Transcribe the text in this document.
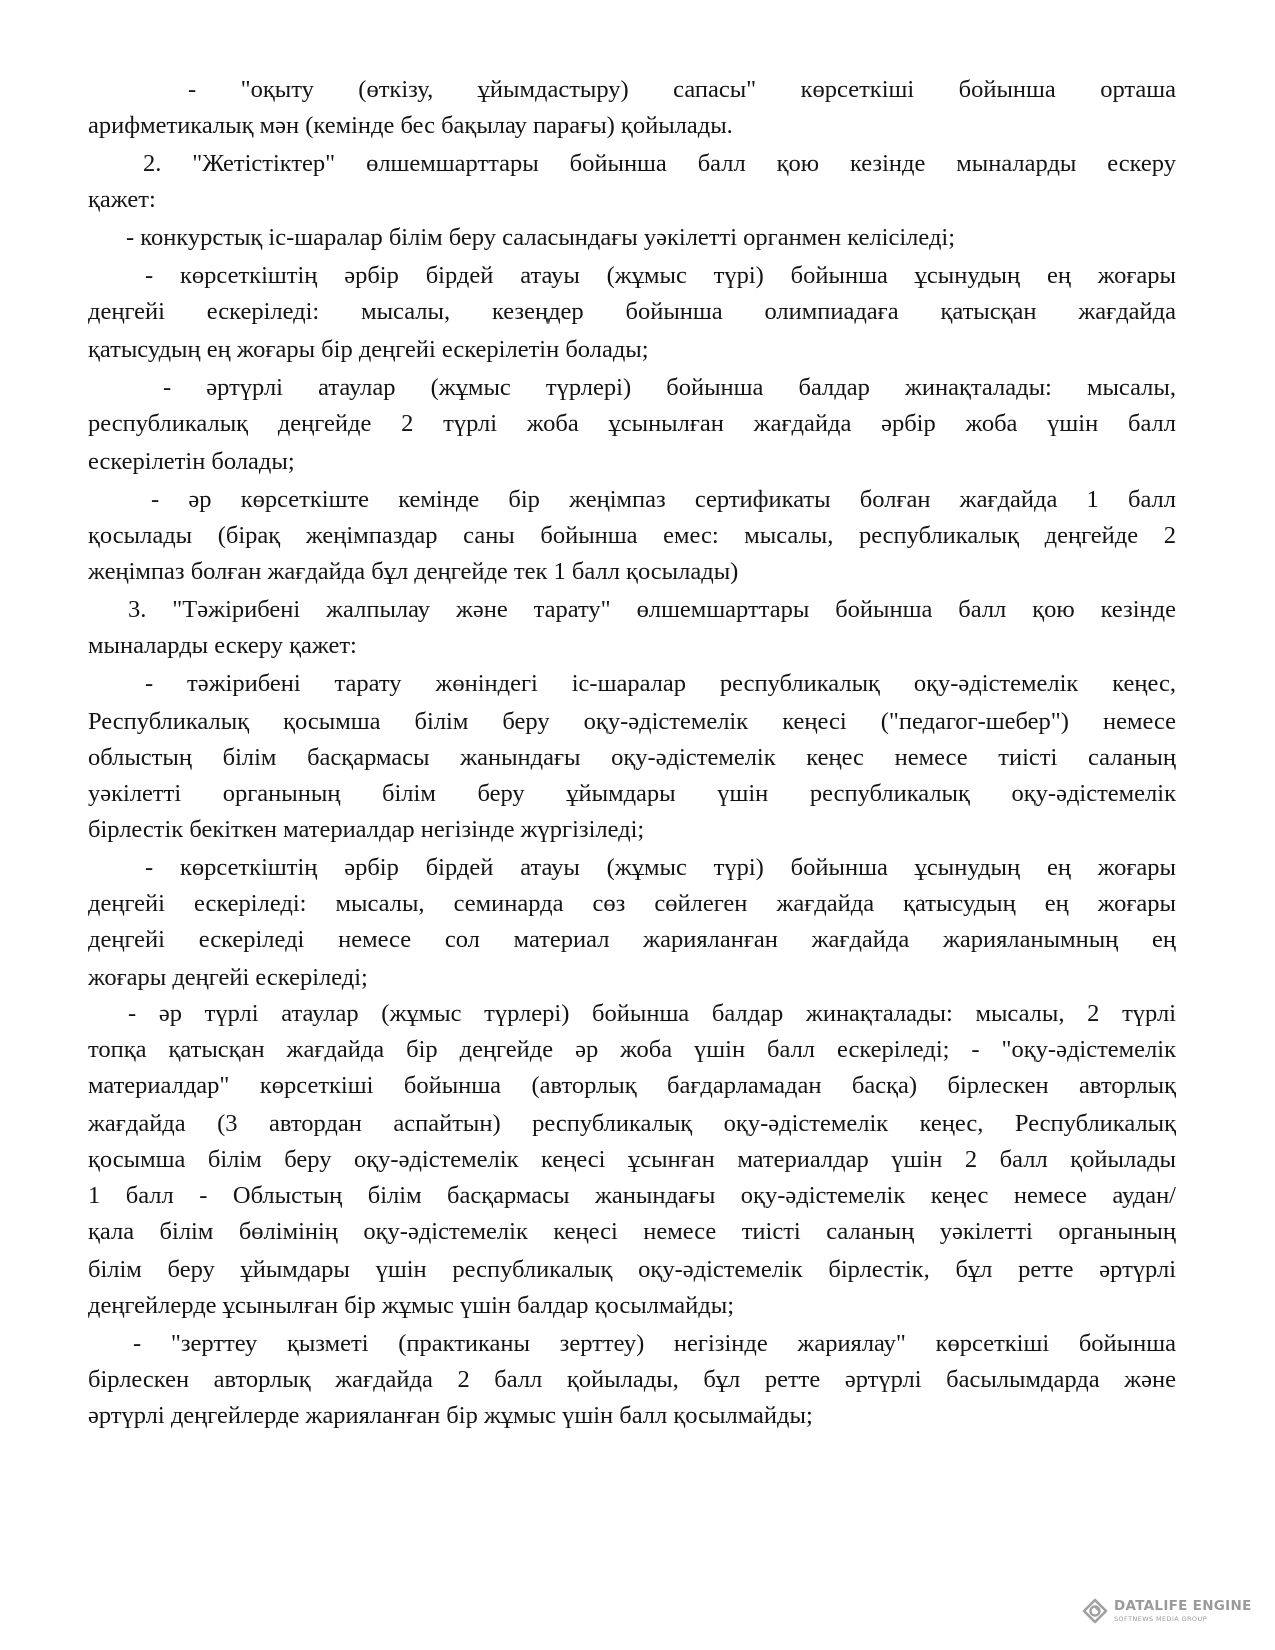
- "оқыту (өткізу, ұйымдастыру) сапасы" көрсеткіші бойынша орташа
арифметикалық мән (кемінде бес бақылау парағы) қойылады.
2. "Жетістіктер" өлшемшарттары бойынша балл қою кезінде мыналарды ескеру
қажет:
- конкурстық іс-шаралар білім беру саласындағы уәкілетті органмен келісіледі;
- көрсеткіштің әрбір бірдей атауы (жұмыс түрі) бойынша ұсынудың ең жоғары
деңгейі ескеріледі: мысалы, кезеңдер бойынша олимпиадаға қатысқан жағдайда
қатысудың ең жоғары бір деңгейі ескерілетін болады;
- әртүрлі атаулар (жұмыс түрлері) бойынша балдар жинақталады: мысалы,
республикалық деңгейде 2 түрлі жоба ұсынылған жағдайда әрбір жоба үшін балл
ескерілетін болады;
- әр көрсеткіште кемінде бір жеңімпаз сертификаты болған жағдайда 1 балл
қосылады (бірақ жеңімпаздар саны бойынша емес: мысалы, республикалық деңгейде 2
жеңімпаз болған жағдайда бұл деңгейде тек 1 балл қосылады)
3. "Тәжірибені жалпылау және тарату" өлшемшарттары бойынша балл қою кезінде
мыналарды ескеру қажет:
- тәжірибені тарату жөніндегі іс-шаралар республикалық оқу-әдістемелік кеңес,
Республикалық қосымша білім беру оқу-әдістемелік кеңесі ("педагог-шебер") немесе
облыстың білім басқармасы жанындағы оқу-әдістемелік кеңес немесе тиісті саланың
уәкілетті органының білім беру ұйымдары үшін республикалық оқу-әдістемелік
бірлестік бекіткен материалдар негізінде жүргізіледі;
- көрсеткіштің әрбір бірдей атауы (жұмыс түрі) бойынша ұсынудың ең жоғары
деңгейі ескеріледі: мысалы, семинарда сөз сөйлеген жағдайда қатысудың ең жоғары
деңгейі ескеріледі немесе сол материал жарияланған жағдайда жарияланымның ең
жоғары деңгейі ескеріледі;
- әр түрлі атаулар (жұмыс түрлері) бойынша балдар жинақталады: мысалы, 2 түрлі
топқа қатысқан жағдайда бір деңгейде әр жоба үшін балл ескеріледі; - "оқу-әдістемелік
материалдар" көрсеткіші бойынша (авторлық бағдарламадан басқа) бірлескен авторлық
жағдайда (3 автордан аспайтын) республикалық оқу-әдістемелік кеңес, Республикалық
қосымша білім беру оқу-әдістемелік кеңесі ұсынған материалдар үшін 2 балл қойылады
1 балл - Облыстың білім басқармасы жанындағы оқу-әдістемелік кеңес немесе аудан/
қала білім бөлімінің оқу-әдістемелік кеңесі немесе тиісті саланың уәкілетті органының
білім беру ұйымдары үшін республикалық оқу-әдістемелік бірлестік, бұл ретте әртүрлі
деңгейлерде ұсынылған бір жұмыс үшін балдар қосылмайды;
- "зерттеу қызметі (практиканы зерттеу) негізінде жариялау" көрсеткіші бойынша
бірлескен авторлық жағдайда 2 балл қойылады, бұл ретте әртүрлі басылымдарда және
әртүрлі деңгейлерде жарияланған бір жұмыс үшін балл қосылмайды;
DATALIFE ENGINE
SOFTNEWS MEDIA GROUP
